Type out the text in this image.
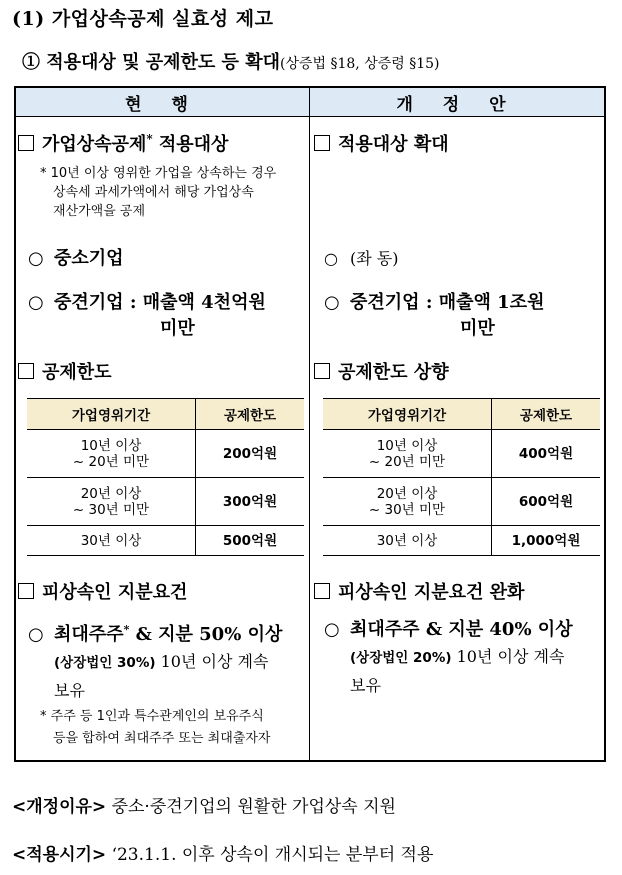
(1) 가업상속공제 실효성 제고
① 적용대상 및 공제한도 등 확대(상증법 §18, 상증령 §15)
현 행	개 정 안
가업상속공제* 적용대상
* 10년 이상 영위한 가업을 상속하는 경우
상속세 과세가액에서 해당 가업상속
재산가액을 공제
○ 중소기업
○ 중견기업 : 매출액 4천억원
미만
공제한도
가업영위기간	공제한도

10년 이상
~ 20년 미만	200억원

20년 이상
~ 30년 미만	300억원

30년 이상	500억원
피상속인 지분요건
○ 최대주주* & 지분 50% 이상
(상장법인 30%) 10년 이상 계속
보유
* 주주 등 1인과 특수관계인의 보유주식
등을 합하여 최대주주 또는 최대출자자
적용대상 확대
○ (좌 동)
○ 중견기업 : 매출액 1조원
미만
공제한도 상향
가업영위기간	공제한도

10년 이상
~ 20년 미만	400억원

20년 이상
~ 30년 미만	600억원

30년 이상	1,000억원
피상속인 지분요건 완화
○ 최대주주 & 지분 40% 이상
(상장법인 20%) 10년 이상 계속
보유
<개정이유> 중소·중견기업의 원활한 가업상속 지원
<적용시기> ‘23.1.1. 이후 상속이 개시되는 분부터 적용
